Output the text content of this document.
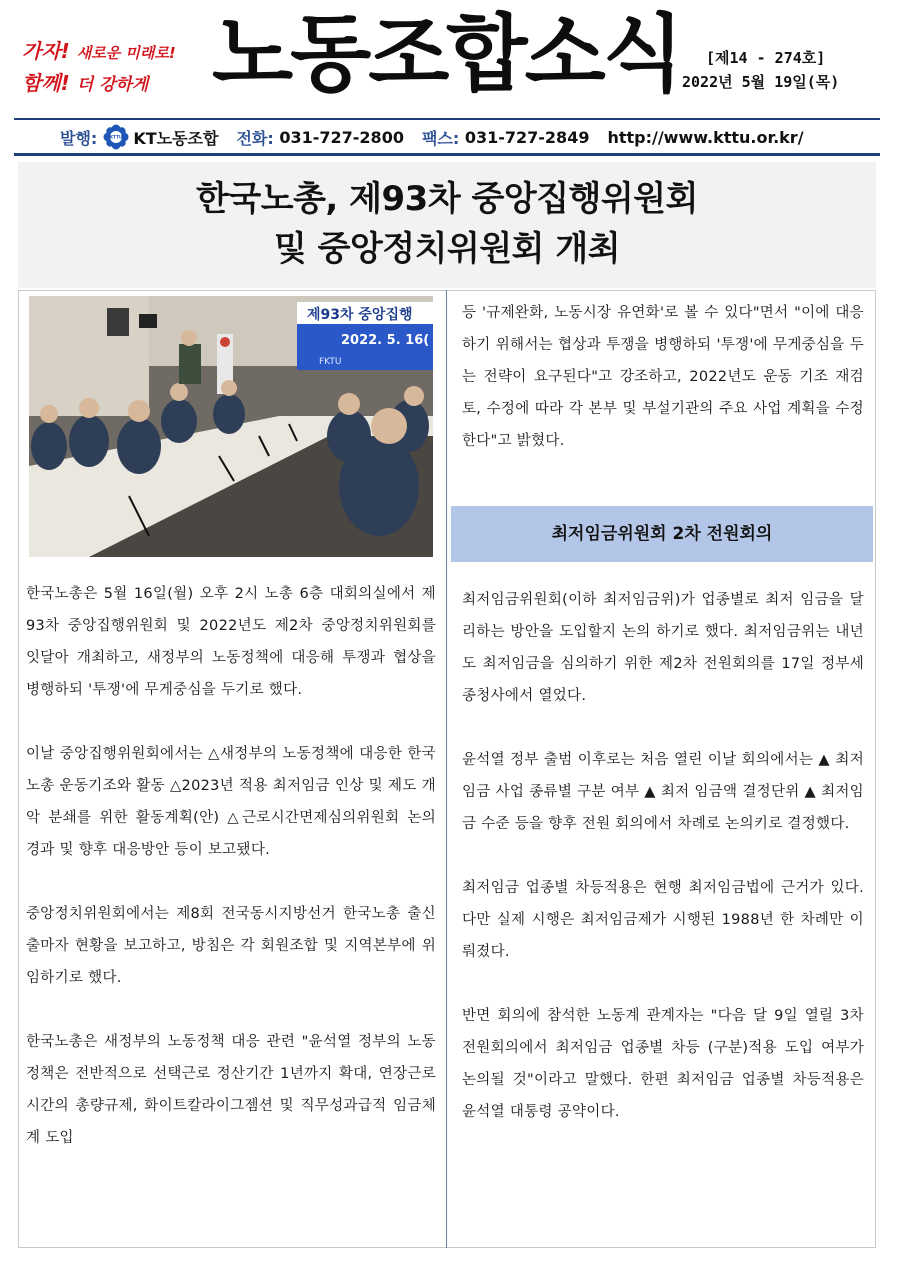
가자! 새로운 미래로!
함께! 더 강하게 노동조합소식	[제14 - 274호]
2022년 5월 19일(목)
발행:	KTTU KT노동조합 전화:
031-727-2800 팩스:
031-727-2849 http://www.kttu.or.kr/
한국노총, 제93차 중앙집행위원회
및 중앙정치위원회 개최
제93차 중앙집행
2022. 5. 16(
FKTU

한국노총은 5월 16일(월) 오후 2시 노총 6층 대회의실에서 제93차 중앙집행위원회 및 2022년도 제2차 중앙정치위원회를 잇달아 개최하고, 새정부의 노동정책에 대응해 투쟁과 협상을 병행하되 '투쟁'에 무게중심을 두기로 했다.

이날 중앙집행위원회에서는 △새정부의 노동정책에 대응한 한국노총 운동기조와 활동 △2023년 적용 최저임금 인상 및 제도 개악 분쇄를 위한 활동계획(안) △근로시간면제심의위원회 논의 경과 및 향후 대응방안 등이 보고됐다.

중앙정치위원회에서는 제8회 전국동시지방선거 한국노총 출신 출마자 현황을 보고하고, 방침은 각 회원조합 및 지역본부에 위임하기로 했다.

한국노총은 새정부의 노동정책 대응 관련 "윤석열 정부의 노동정책은 전반적으로 선택근로 정산기간 1년까지 확대, 연장근로시간의 총량규제, 화이트칼라이그젬션 및 직무성과급적 임금체계 도입

등 '규제완화, 노동시장 유연화'로 볼 수 있다"면서 "이에 대응하기 위해서는 협상과 투쟁을 병행하되 '투쟁'에 무게중심을 두는 전략이 요구된다"고 강조하고, 2022년도 운동 기조 재검토, 수정에 따라 각 본부 및 부설기관의 주요 사업 계획을 수정한다"고 밝혔다.

최저임금위원회 2차 전원회의

최저임금위원회(이하 최저임금위)가 업종별로 최저 임금을 달리하는 방안을 도입할지 논의 하기로 했다. 최저임금위는 내년도 최저임금을 심의하기 위한 제2차 전원회의를 17일 정부세종청사에서 열었다.

윤석열 정부 출범 이후로는 처음 열린 이날 회의에서는 ▲ 최저임금 사업 종류별 구분 여부 ▲ 최저 임금액 결정단위 ▲ 최저임금 수준 등을 향후 전원 회의에서 차례로 논의키로 결정했다.

최저임금 업종별 차등적용은 현행 최저임금법에 근거가 있다. 다만 실제 시행은 최저임금제가 시행된 1988년 한 차례만 이뤄졌다.

반면 회의에 참석한 노동계 관계자는 "다음 달 9일 열릴 3차 전원회의에서 최저임금 업종별 차등 (구분)적용 도입 여부가 논의될 것"이라고 말했다. 한편 최저임금 업종별 차등적용은 윤석열 대통령 공약이다.
